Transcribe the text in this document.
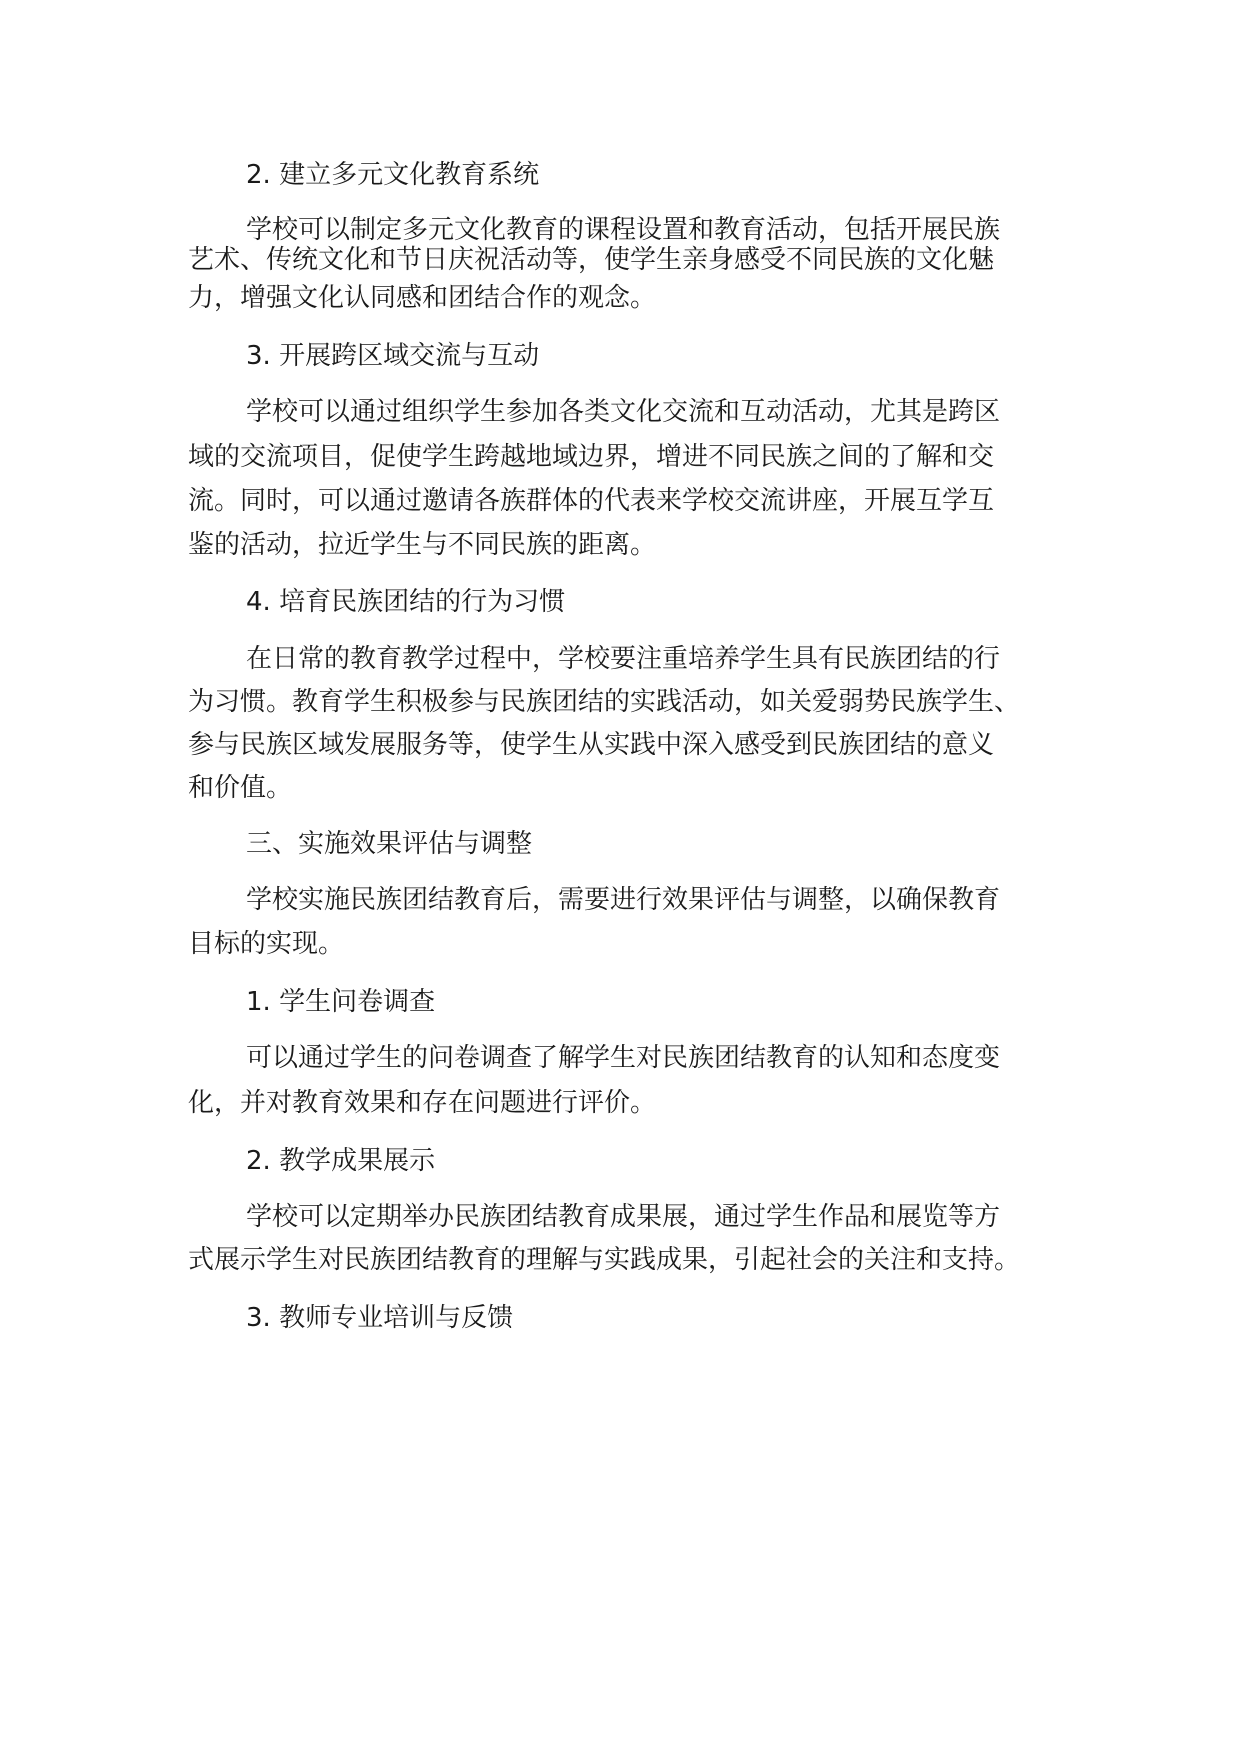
2. 建立多元文化教育系统

学校可以制定多元文化教育的课程设置和教育活动，包括开展民族

艺术、传统文化和节日庆祝活动等，使学生亲身感受不同民族的文化魅

力，增强文化认同感和团结合作的观念。

3. 开展跨区域交流与互动

学校可以通过组织学生参加各类文化交流和互动活动，尤其是跨区

域的交流项目，促使学生跨越地域边界，增进不同民族之间的了解和交

流。同时，可以通过邀请各族群体的代表来学校交流讲座，开展互学互

鉴的活动，拉近学生与不同民族的距离。

4. 培育民族团结的行为习惯

在日常的教育教学过程中，学校要注重培养学生具有民族团结的行

为习惯。教育学生积极参与民族团结的实践活动，如关爱弱势民族学生、

参与民族区域发展服务等，使学生从实践中深入感受到民族团结的意义

和价值。

三、实施效果评估与调整

学校实施民族团结教育后，需要进行效果评估与调整，以确保教育

目标的实现。

1. 学生问卷调查

可以通过学生的问卷调查了解学生对民族团结教育的认知和态度变

化，并对教育效果和存在问题进行评价。

2. 教学成果展示

学校可以定期举办民族团结教育成果展，通过学生作品和展览等方

式展示学生对民族团结教育的理解与实践成果，引起社会的关注和支持。

3. 教师专业培训与反馈
